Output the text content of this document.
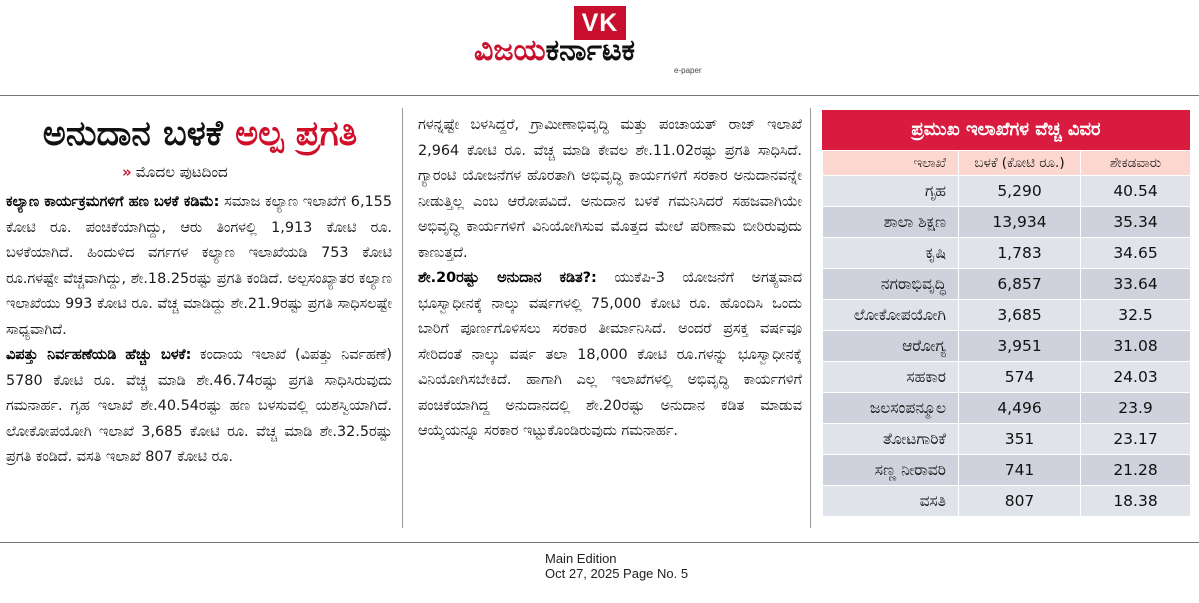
VK
ವಿಜಯಕರ್ನಾಟಕ
e-paper
ಅನುದಾನ ಬಳಕೆ ಅಲ್ಪ ಪ್ರಗತಿ
» ಮೊದಲ ಪುಟದಿಂದ

ಕಲ್ಯಾಣ ಕಾರ್ಯಕ್ರಮಗಳಿಗೆ ಹಣ ಬಳಕೆ ಕಡಿಮೆ: ಸಮಾಜ ಕಲ್ಯಾಣ ಇಲಾಖೆಗೆ 6,155 ಕೋಟಿ ರೂ. ಪಂಚಿಕೆಯಾಗಿದ್ದು, ಆರು ತಿಂಗಳಲ್ಲಿ 1,913 ಕೋಟಿ ರೂ. ಬಳಕೆಯಾಗಿದೆ. ಹಿಂದುಳಿದ ವರ್ಗಗಳ ಕಲ್ಯಾಣ ಇಲಾಖೆಯಡಿ 753 ಕೋಟಿ ರೂ.ಗಳಷ್ಟೇ ವೆಚ್ಚವಾಗಿದ್ದು, ಶೇ.18.25ರಷ್ಟು ಪ್ರಗತಿ ಕಂಡಿದೆ. ಅಲ್ಪಸಂಖ್ಯಾತರ ಕಲ್ಯಾಣ ಇಲಾಖೆಯು 993 ಕೋಟಿ ರೂ. ವೆಚ್ಚ ಮಾಡಿದ್ದು ಶೇ.21.9ರಷ್ಟು ಪ್ರಗತಿ ಸಾಧಿಸಲಷ್ಟೇ ಸಾಧ್ಯವಾಗಿದೆ.

ವಿಪತ್ತು ನಿರ್ವಹಣೆಯಡಿ ಹೆಚ್ಚು ಬಳಕೆ: ಕಂದಾಯ ಇಲಾಖೆ (ವಿಪತ್ತು ನಿರ್ವಹಣೆ) 5780 ಕೋಟಿ ರೂ. ವೆಚ್ಚ ಮಾಡಿ ಶೇ.46.74ರಷ್ಟು ಪ್ರಗತಿ ಸಾಧಿಸಿರುವುದು ಗಮನಾರ್ಹ. ಗೃಹ ಇಲಾಖೆ ಶೇ.40.54ರಷ್ಟು ಹಣ ಬಳಸುವಲ್ಲಿ ಯಶಸ್ವಿಯಾಗಿದೆ. ಲೋಕೋಪಯೋಗಿ ಇಲಾಖೆ 3,685 ಕೋಟಿ ರೂ. ವೆಚ್ಚ ಮಾಡಿ ಶೇ.32.5ರಷ್ಟು ಪ್ರಗತಿ ಕಂಡಿದೆ. ವಸತಿ ಇಲಾಖೆ 807 ಕೋಟಿ ರೂ.

ಗಳನ್ನಷ್ಟೇ ಬಳಸಿದ್ದರೆ, ಗ್ರಾಮೀಣಾಭಿವೃದ್ಧಿ ಮತ್ತು ಪಂಚಾಯತ್ ರಾಜ್ ಇಲಾಖೆ 2,964 ಕೋಟಿ ರೂ. ವೆಚ್ಚ ಮಾಡಿ ಕೇವಲ ಶೇ.11.02ರಷ್ಟು ಪ್ರಗತಿ ಸಾಧಿಸಿದೆ. ಗ್ಯಾರಂಟಿ ಯೋಜನೆಗಳ ಹೊರತಾಗಿ ಅಭಿವೃದ್ಧಿ ಕಾರ್ಯಗಳಿಗೆ ಸರಕಾರ ಅನುದಾನವನ್ನೇ ನೀಡುತ್ತಿಲ್ಲ ಎಂಬ ಆರೋಪವಿದೆ. ಅನುದಾನ ಬಳಕೆ ಗಮನಿಸಿದರೆ ಸಹಜವಾಗಿಯೇ ಅಭಿವೃದ್ಧಿ ಕಾರ್ಯಗಳಿಗೆ ವಿನಿಯೋಗಿಸುವ ಮೊತ್ತದ ಮೇಲೆ ಪರಿಣಾಮ ಬೀರಿರುವುದು ಕಾಣುತ್ತದೆ.

ಶೇ.20ರಷ್ಟು ಅನುದಾನ ಕಡಿತ?: ಯುಕೆಪಿ-3 ಯೋಜನೆಗೆ ಅಗತ್ಯವಾದ ಭೂಸ್ವಾಧೀನಕ್ಕೆ ನಾಲ್ಕು ವರ್ಷಗಳಲ್ಲಿ 75,000 ಕೋಟಿ ರೂ. ಹೊಂದಿಸಿ ಒಂದು ಬಾರಿಗೆ ಪೂರ್ಣಗೊಳಿಸಲು ಸರಕಾರ ತೀರ್ಮಾನಿಸಿದೆ. ಅಂದರೆ ಪ್ರಸಕ್ತ ವರ್ಷವೂ ಸೇರಿದಂತೆ ನಾಲ್ಕು ವರ್ಷ ತಲಾ 18,000 ಕೋಟಿ ರೂ.ಗಳನ್ನು ಭೂಸ್ವಾಧೀನಕ್ಕೆ ವಿನಿಯೋಗಿಸಬೇಕಿದೆ. ಹಾಗಾಗಿ ಎಲ್ಲ ಇಲಾಖೆಗಳಲ್ಲಿ ಅಭಿವೃದ್ಧಿ ಕಾರ್ಯಗಳಿಗೆ ಪಂಚಿಕೆಯಾಗಿದ್ದ ಅನುದಾನದಲ್ಲಿ ಶೇ.20ರಷ್ಟು ಅನುದಾನ ಕಡಿತ ಮಾಡುವ ಆಯ್ಕೆಯನ್ನೂ ಸರಕಾರ ಇಟ್ಟುಕೊಂಡಿರುವುದು ಗಮನಾರ್ಹ.

ಪ್ರಮುಖ ಇಲಾಖೆಗಳ ವೆಚ್ಚ ವಿವರ
ಇಲಾಖೆ	ಬಳಕೆ (ಕೋಟಿ ರೂ.)	ಶೇಕಡವಾರು
ಗೃಹ	5,290	40.54
ಶಾಲಾ ಶಿಕ್ಷಣ	13,934	35.34
ಕೃಷಿ	1,783	34.65
ನಗರಾಭಿವೃದ್ಧಿ	6,857	33.64
ಲೋಕೋಪಯೋಗಿ	3,685	32.5
ಆರೋಗ್ಯ	3,951	31.08
ಸಹಕಾರ	574	24.03
ಜಲಸಂಪನ್ಮೂಲ	4,496	23.9
ತೋಟಗಾರಿಕೆ	351	23.17
ಸಣ್ಣ ನೀರಾವರಿ	741	21.28
ವಸತಿ	807	18.38
Main Edition
Oct 27, 2025 Page No. 5
